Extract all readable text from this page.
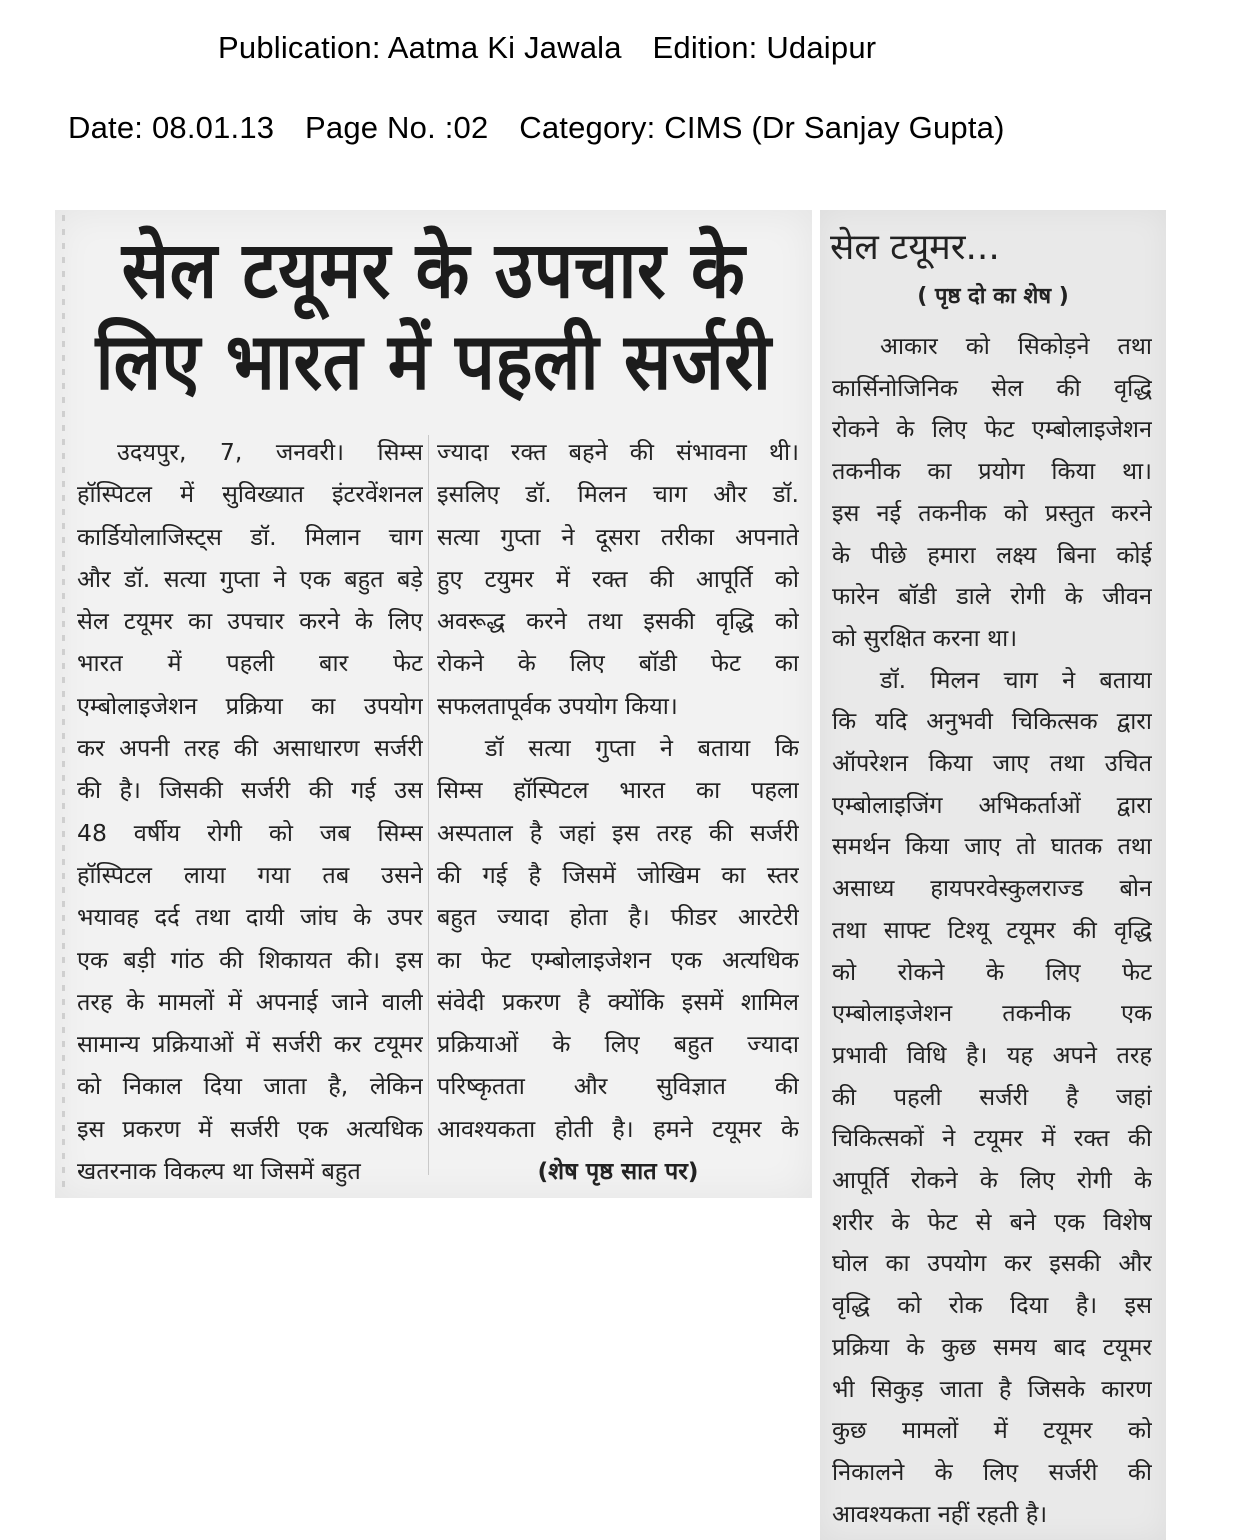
Publication: Aatma Ki Jawala Edition: Udaipur
Date: 08.01.13 Page No. :02 Category: CIMS (Dr Sanjay Gupta)
सेल टयूमर के उपचार के
लिए भारत में पहली सर्जरी

उदयपुर, 7, जनवरी। सिम्स

हॉस्पिटल में सुविख्यात इंटरवेंशनल

कार्डियोलाजिस्ट्स डॉ. मिलान चाग

और डॉ. सत्या गुप्ता ने एक बहुत बड़े

सेल टयूमर का उपचार करने के लिए

भारत में पहली बार फेट

एम्बोलाइजेशन प्रक्रिया का उपयोग

कर अपनी तरह की असाधारण सर्जरी

की है। जिसकी सर्जरी की गई उस

48 वर्षीय रोगी को जब सिम्स

हॉस्पिटल लाया गया तब उसने

भयावह दर्द तथा दायी जांघ के उपर

एक बड़ी गांठ की शिकायत की। इस

तरह के मामलों में अपनाई जाने वाली

सामान्य प्रक्रियाओं में सर्जरी कर टयूमर

को निकाल दिया जाता है, लेकिन

इस प्रकरण में सर्जरी एक अत्यधिक

खतरनाक विकल्प था जिसमें बहुत

ज्यादा रक्त बहने की संभावना थी।

इसलिए डॉ. मिलन चाग और डॉ.

सत्या गुप्ता ने दूसरा तरीका अपनाते

हुए टयुमर में रक्त की आपूर्ति को

अवरूद्ध करने तथा इसकी वृद्धि को

रोकने के लिए बॉडी फेट का

सफलतापूर्वक उपयोग किया।

डॉ सत्या गुप्ता ने बताया कि

सिम्स हॉस्पिटल भारत का पहला

अस्पताल है जहां इस तरह की सर्जरी

की गई है जिसमें जोखिम का स्तर

बहुत ज्यादा होता है। फीडर आरटेरी

का फेट एम्बोलाइजेशन एक अत्यधिक

संवेदी प्रकरण है क्योंकि इसमें शामिल

प्रक्रियाओं के लिए बहुत ज्यादा

परिष्कृतता और सुविज्ञात की

आवश्यकता होती है। हमने टयूमर के

(शेष पृष्ठ सात पर)

सेल टयूमर...
( पृष्ठ दो का शेष )

आकार को सिकोड़ने तथा

कार्सिनोजिनिक सेल की वृद्धि

रोकने के लिए फेट एम्बोलाइजेशन

तकनीक का प्रयोग किया था।

इस नई तकनीक को प्रस्तुत करने

के पीछे हमारा लक्ष्य बिना कोई

फारेन बॉडी डाले रोगी के जीवन

को सुरक्षित करना था।

डॉ. मिलन चाग ने बताया

कि यदि अनुभवी चिकित्सक द्वारा

ऑपरेशन किया जाए तथा उचित

एम्बोलाइजिंग अभिकर्ताओं द्वारा

समर्थन किया जाए तो घातक तथा

असाध्य हायपरवेस्कुलराज्ड बोन

तथा साफ्ट टिश्यू टयूमर की वृद्धि

को रोकने के लिए फेट

एम्बोलाइजेशन तकनीक एक

प्रभावी विधि है। यह अपने तरह

की पहली सर्जरी है जहां

चिकित्सकों ने टयूमर में रक्त की

आपूर्ति रोकने के लिए रोगी के

शरीर के फेट से बने एक विशेष

घोल का उपयोग कर इसकी और

वृद्धि को रोक दिया है। इस

प्रक्रिया के कुछ समय बाद टयूमर

भी सिकुड़ जाता है जिसके कारण

कुछ मामलों में टयूमर को

निकालने के लिए सर्जरी की

आवश्यकता नहीं रहती है।
